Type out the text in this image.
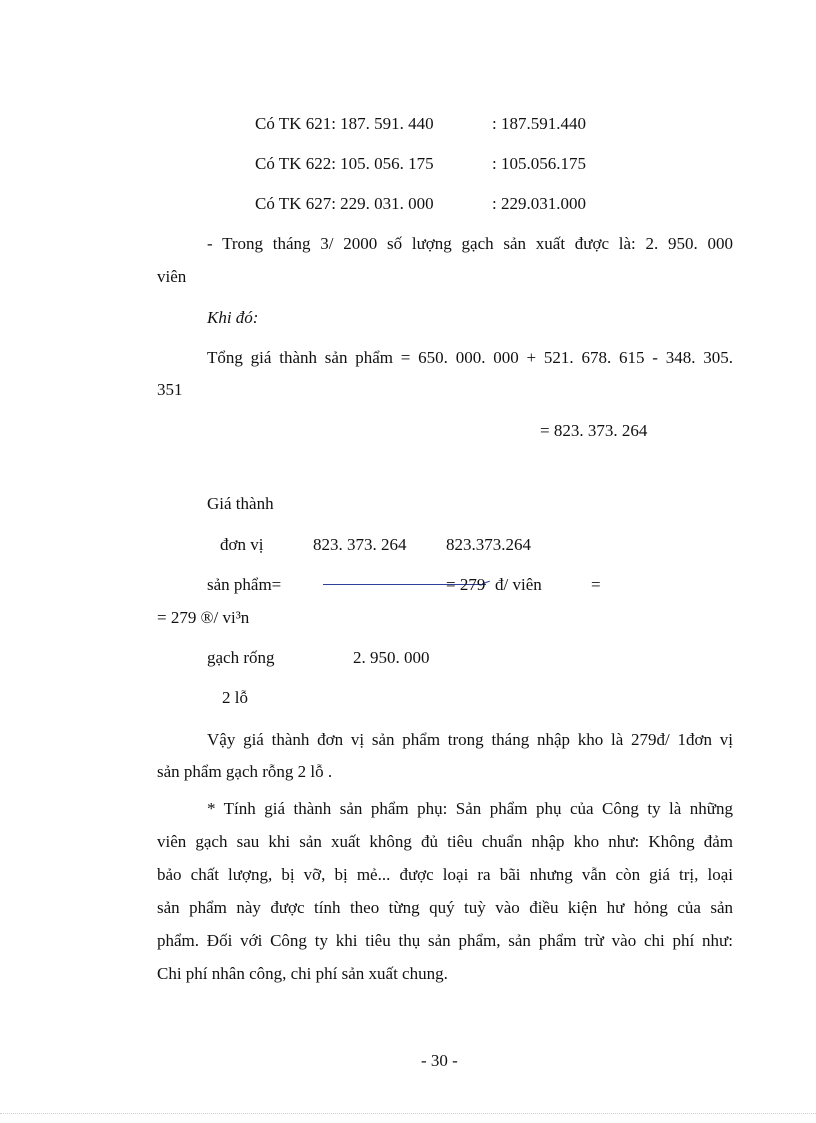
Có TK 621: 187. 591. 440	: 187.591.440
Có TK 622: 105. 056. 175	: 105.056.175
Có TK 627: 229. 031. 000	: 229.031.000
- Trong tháng 3/ 2000 số lượng gạch sản xuất được là: 2. 950. 000
viên
Khi đó:
Tổng giá thành sản phẩm = 650. 000. 000 + 521. 678. 615 - 348. 305.
351
= 823. 373. 264
Giá thành
đơn vị	823. 373. 264 823.373.264
sản phẩm=	= 279 đ/ viên	=
= 279 ®/ vi³n
gạch rống	2. 950. 000
2 lỗ
Vậy giá thành đơn vị sản phẩm trong tháng nhập kho là 279đ/ 1đơn vị
sản phẩm gạch rỗng 2 lỗ .
* Tính giá thành sản phẩm phụ: Sản phẩm phụ của Công ty là những
viên gạch sau khi sản xuất không đủ tiêu chuẩn nhập kho như: Không đảm
bảo chất lượng, bị vỡ, bị mẻ... được loại ra bãi nhưng vẫn còn giá trị, loại
sản phẩm này được tính theo từng quý tuỳ vào điều kiện hư hỏng của sản
phẩm. Đối với Công ty khi tiêu thụ sản phẩm, sản phẩm trừ vào chi phí như:
Chi phí nhân công, chi phí sản xuất chung.
- 30 -
